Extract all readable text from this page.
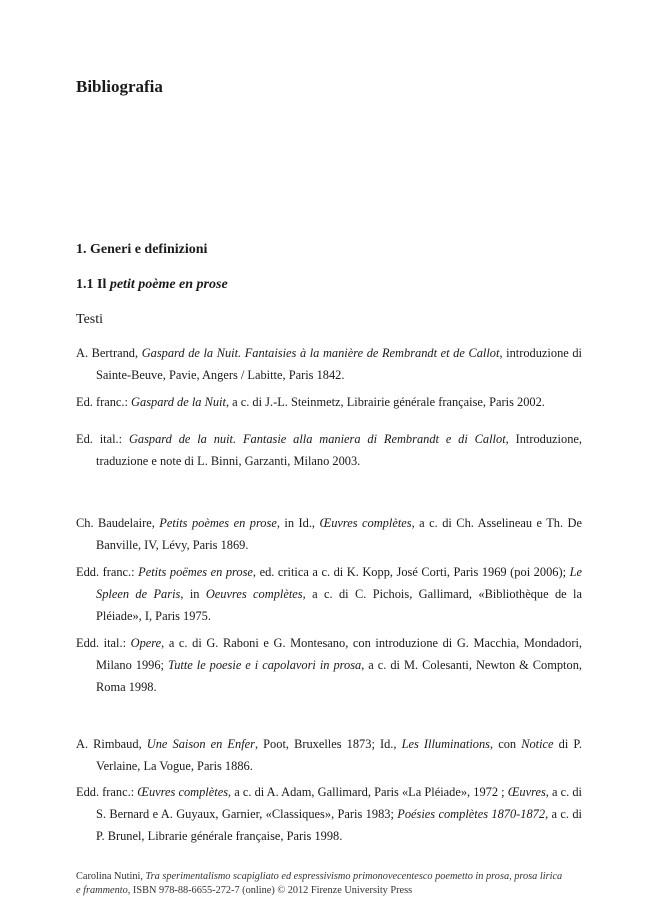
Bibliografia
1. Generi e definizioni
1.1 Il petit poème en prose
Testi

A. Bertrand, Gaspard de la Nuit. Fantaisies à la manière de Rembrandt et de Callot, introduzione di Sainte-Beuve, Pavie, Angers / Labitte, Paris 1842.

Ed. franc.: Gaspard de la Nuit, a c. di J.-L. Steinmetz, Librairie générale française, Paris 2002.

Ed. ital.: Gaspard de la nuit. Fantasie alla maniera di Rembrandt e di Callot, Introduzione, traduzione e note di L. Binni, Garzanti, Milano 2003.

Ch. Baudelaire, Petits poèmes en prose, in Id., Œuvres complètes, a c. di Ch. Asselineau e Th. De Banville, IV, Lévy, Paris 1869.

Edd. franc.: Petits poëmes en prose, ed. critica a c. di K. Kopp, José Corti, Paris 1969 (poi 2006); Le Spleen de Paris, in Oeuvres complètes, a c. di C. Pichois, Gallimard, «Bibliothèque de la Pléiade», I, Paris 1975.

Edd. ital.: Opere, a c. di G. Raboni e G. Montesano, con introduzione di G. Macchia, Mondadori, Milano 1996; Tutte le poesie e i capolavori in prosa, a c. di M. Colesanti, Newton & Compton, Roma 1998.

A. Rimbaud, Une Saison en Enfer, Poot, Bruxelles 1873; Id., Les Illuminations, con Notice di P. Verlaine, La Vogue, Paris 1886.

Edd. franc.: Œuvres complètes, a c. di A. Adam, Gallimard, Paris «La Pléiade», 1972 ; Œuvres, a c. di S. Bernard e A. Guyaux, Garnier, «Classiques», Paris 1983; Poésies complètes 1870-1872, a c. di P. Brunel, Librarie générale française, Paris 1998.

Carolina Nutini, Tra sperimentalismo scapigliato ed espressivismo primonovecentesco poemetto in prosa, prosa lirica e frammento, ISBN 978-88-6655-272-7 (online) © 2012 Firenze University Press
